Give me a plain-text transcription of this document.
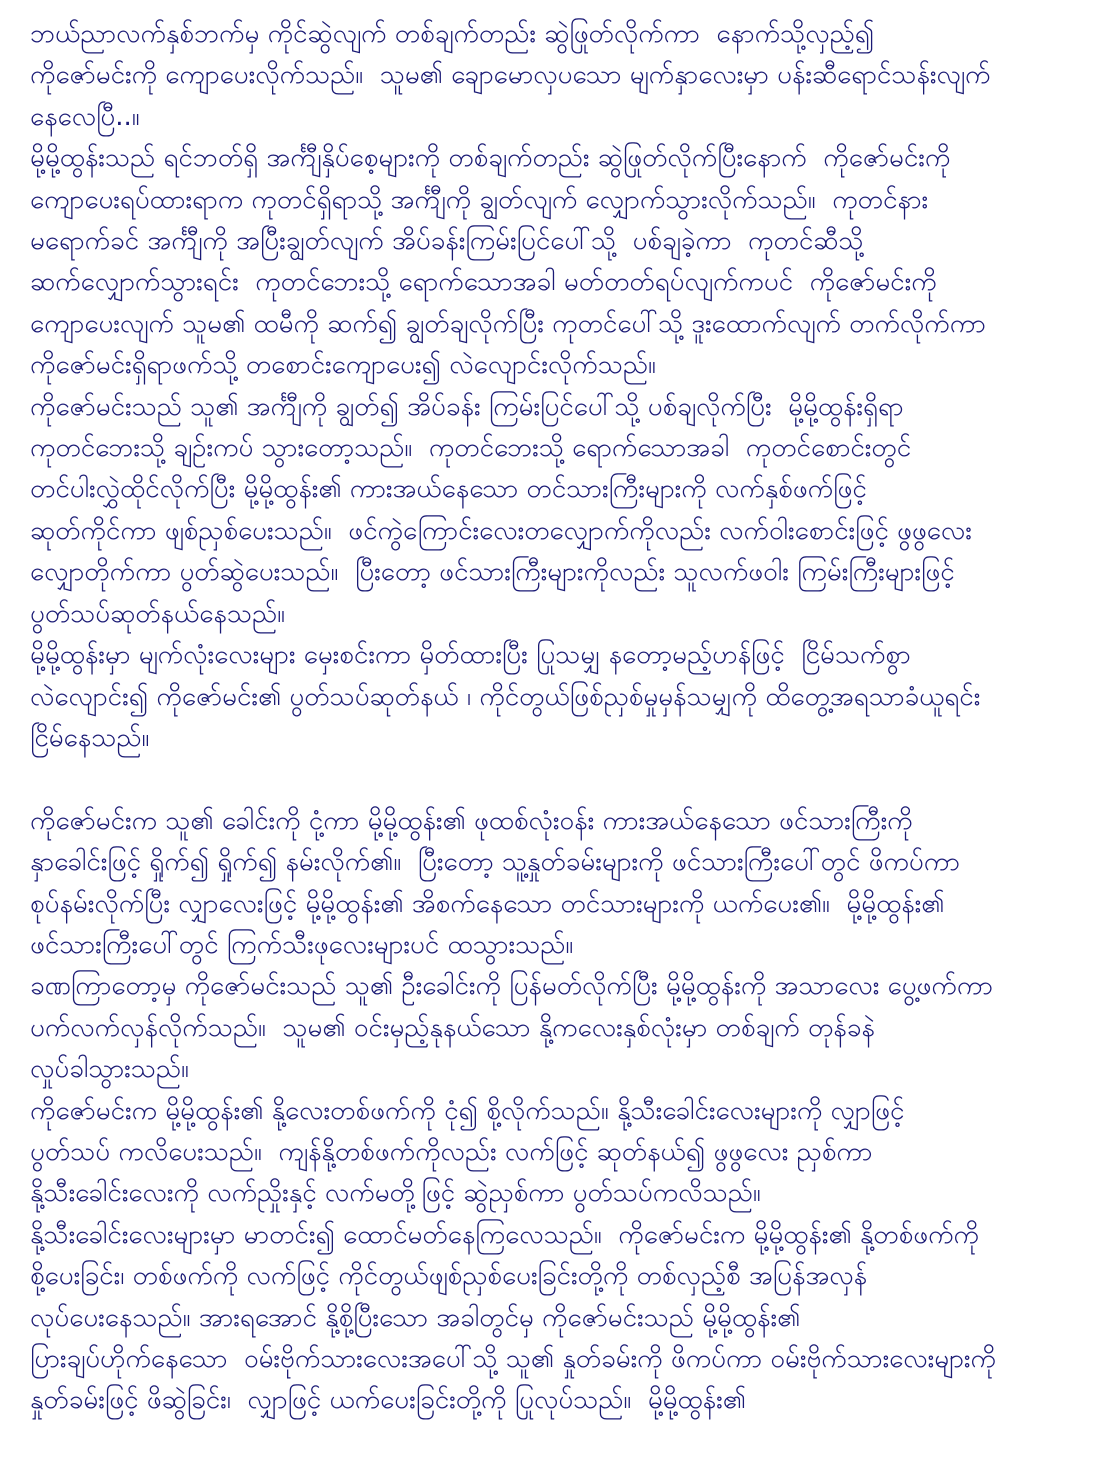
ဘယ်ညာလက်နှစ်ဘက်မှ ကိုင်ဆွဲလျက် တစ်ချက်တည်း ဆွဲဖြုတ်လိုက်ကာ  နောက်သို့လှည့်၍
ကိုဇော်မင်းကို ကျောပေးလိုက်သည်။  သူမ၏ ချောမောလှပသော မျက်နှာလေးမှာ ပန်းဆီရောင်သန်းလျက်
နေလေပြီ..။
မို့မို့ထွန်းသည် ရင်ဘတ်ရှိ အင်္ကျီနှိပ်စေ့များကို တစ်ချက်တည်း ဆွဲဖြုတ်လိုက်ပြီးနောက်  ကိုဇော်မင်းကို
ကျောပေးရပ်ထားရာက ကုတင်ရှိရာသို့ အင်္ကျီကို ချွတ်လျက် လျှောက်သွားလိုက်သည်။  ကုတင်နား
မရောက်ခင် အင်္ကျီကို အပြီးချွတ်လျက် အိပ်ခန်းကြမ်းပြင်ပေါ်သို့  ပစ်ချခဲ့ကာ  ကုတင်ဆီသို့
ဆက်လျှောက်သွားရင်း  ကုတင်ဘေးသို့ ရောက်သောအခါ မတ်တတ်ရပ်လျက်ကပင်  ကိုဇော်မင်းကို
ကျောပေးလျက် သူမ၏ ထမီကို ဆက်၍ ချွတ်ချလိုက်ပြီး ကုတင်ပေါ်သို့ ဒူးထောက်လျက် တက်လိုက်ကာ
ကိုဇော်မင်းရှိရာဖက်သို့ တစောင်းကျောပေး၍ လဲလျောင်းလိုက်သည်။
ကိုဇော်မင်းသည် သူ၏ အင်္ကျီကို ချွတ်၍ အိပ်ခန်း ကြမ်းပြင်ပေါ်သို့ ပစ်ချလိုက်ပြီး  မို့မို့ထွန်းရှိရာ
ကုတင်ဘေးသို့ ချဉ်းကပ် သွားတော့သည်။  ကုတင်ဘေးသို့ ရောက်သောအခါ  ကုတင်စောင်းတွင်
တင်ပါးလွှဲထိုင်လိုက်ပြီး မို့မို့ထွန်း၏ ကားအယ်နေသော တင်သားကြီးများကို လက်နှစ်ဖက်ဖြင့်
ဆုတ်ကိုင်ကာ ဖျစ်ညှစ်ပေးသည်။  ဖင်ကွဲကြောင်းလေးတလျှောက်ကိုလည်း လက်ဝါးစောင်းဖြင့် ဖွဖွလေး
လျှောတိုက်ကာ ပွတ်ဆွဲပေးသည်။  ပြီးတော့ ဖင်သားကြီးများကိုလည်း သူလက်ဖဝါး ကြမ်းကြီးများဖြင့်
ပွတ်သပ်ဆုတ်နယ်နေသည်။
မို့မို့ထွန်းမှာ မျက်လုံးလေးများ မှေးစင်းကာ မှိတ်ထားပြီး ပြုသမျှ နတော့မည့်ဟန်ဖြင့်  ငြိမ်သက်စွာ
လဲလျောင်း၍ ကိုဇော်မင်း၏ ပွတ်သပ်ဆုတ်နယ် ၊ ကိုင်တွယ်ဖြစ်ညှစ်မှုမှန်သမျှကို ထိတွေ့အရသာခံယူရင်း
ငြိမ်နေသည်။
ကိုဇော်မင်းက သူ၏ ခေါင်းကို ငုံ့ကာ မို့မို့ထွန်း၏ ဖုထစ်လုံးဝန်း ကားအယ်နေသော ဖင်သားကြီးကို
နှာခေါင်းဖြင့် ရှိုက်၍ ရှိုက်၍ နမ်းလိုက်၏။  ပြီးတော့ သူ့နှုတ်ခမ်းများကို ဖင်သားကြီးပေါ်တွင် ဖိကပ်ကာ
စုပ်နမ်းလိုက်ပြီး လျှာလေးဖြင့် မို့မို့ထွန်း၏ အိစက်နေသော တင်သားများကို ယက်ပေး၏။  မို့မို့ထွန်း၏
ဖင်သားကြီးပေါ်တွင် ကြက်သီးဖုလေးများပင် ထသွားသည်။
ခဏကြာတော့မှ ကိုဇော်မင်းသည် သူ၏ ဦးခေါင်းကို ပြန်မတ်လိုက်ပြီး မို့မို့ထွန်းကို အသာလေး ပွေ့ဖက်ကာ
ပက်လက်လှန်လိုက်သည်။  သူမ၏ ဝင်းမှည့်နုနယ်သော နို့ကလေးနှစ်လုံးမှာ တစ်ချက် တုန်ခနဲ
လှုပ်ခါသွားသည်။
ကိုဇော်မင်းက မို့မို့ထွန်း၏ နို့လေးတစ်ဖက်ကို ငုံ၍ စို့လိုက်သည်။ နို့သီးခေါင်းလေးများကို လျှာဖြင့်
ပွတ်သပ် ကလိပေးသည်။  ကျန်နို့တစ်ဖက်ကိုလည်း လက်ဖြင့် ဆုတ်နယ်၍ ဖွဖွလေး ညှစ်ကာ
နို့သီးခေါင်းလေးကို လက်ညှိုးနှင့် လက်မတို့ဖြင့် ဆွဲညှစ်ကာ ပွတ်သပ်ကလိသည်။
နို့သီးခေါင်းလေးများမှာ မာတင်း၍ ထောင်မတ်နေကြလေသည်။  ကိုဇော်မင်းက မို့မို့ထွန်း၏ နို့တစ်ဖက်ကို
စို့ပေးခြင်း၊ တစ်ဖက်ကို လက်ဖြင့် ကိုင်တွယ်ဖျစ်ညှစ်ပေးခြင်းတို့ကို တစ်လှည့်စီ အပြန်အလှန်
လုပ်ပေးနေသည်။ အားရအောင် နို့စို့ပြီးသော အခါတွင်မှ ကိုဇော်မင်းသည် မို့မို့ထွန်း၏
ပြားချပ်ဟိုက်နေသော  ဝမ်းဗိုက်သားလေးအပေါ်သို့ သူ၏ နှုတ်ခမ်းကို ဖိကပ်ကာ ဝမ်းဗိုက်သားလေးများကို
နှုတ်ခမ်းဖြင့် ဖိဆွဲခြင်း၊  လျှာဖြင့် ယက်ပေးခြင်းတို့ကို ပြုလုပ်သည်။  မို့မို့ထွန်း၏
